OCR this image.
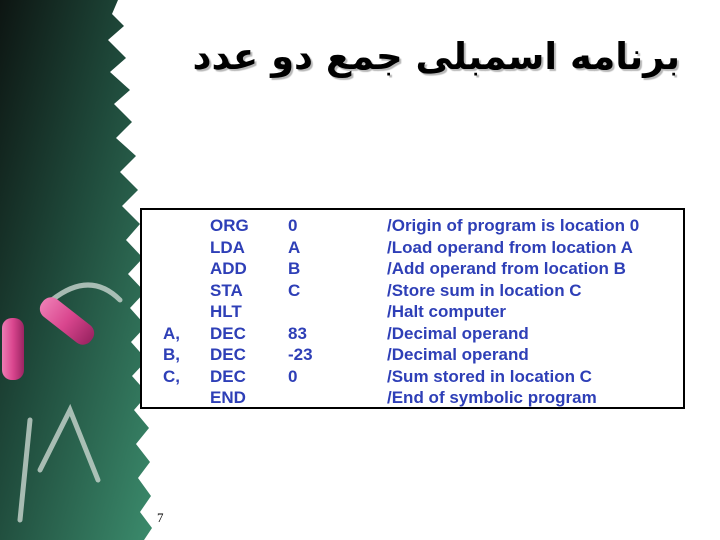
برنامه اسمبلی جمع دو عدد
ORG 0	/Origin of program is location 0
LDA	A	/Load operand from location A
ADD B	/Add operand from location B
STA	C	/Store sum in location C
HLT	/Halt computer
A, DEC 83	/Decimal operand
B, DEC -23	/Decimal operand
C, DEC 0	/Sum stored in location C
END	/End of symbolic program
7
